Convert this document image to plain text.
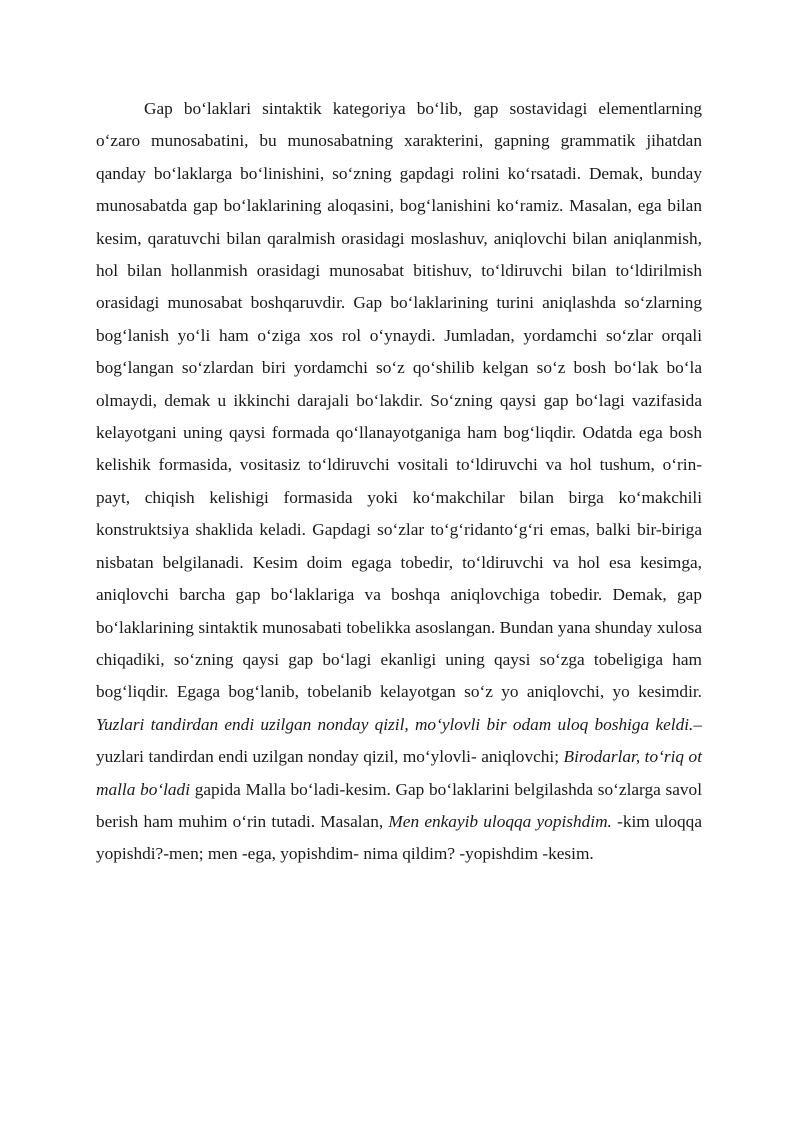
Gap bo‘laklari sintaktik kategoriya bo‘lib, gap sostavidagi elementlarning o‘zaro munosabatini, bu munosabatning xarakterini, gapning grammatik jihatdan qanday bo‘laklarga bo‘linishini, so‘zning gapdagi rolini ko‘rsatadi. Demak, bunday munosabatda gap bo‘laklarining aloqasini, bog‘lanishini ko‘ramiz. Masalan, ega bilan kesim, qaratuvchi bilan qaralmish orasidagi moslashuv, aniqlovchi bilan aniqlanmish, hol bilan hollanmish orasidagi munosabat bitishuv, to‘ldiruvchi bilan to‘ldirilmish orasidagi munosabat boshqaruvdir. Gap bo‘laklarining turini aniqlashda so‘zlarning bog‘lanish yo‘li ham o‘ziga xos rol o‘ynaydi. Jumladan, yordamchi so‘zlar orqali bog‘langan so‘zlardan biri yordamchi so‘z qo‘shilib kelgan so‘z bosh bo‘lak bo‘la olmaydi, demak u ikkinchi darajali bo‘lakdir. So‘zning qaysi gap bo‘lagi vazifasida kelayotgani uning qaysi formada qo‘llanayotganiga ham bog‘liqdir. Odatda ega bosh kelishik formasida, vositasiz to‘ldiruvchi vositali to‘ldiruvchi va hol tushum, o‘rin-payt, chiqish kelishigi formasida yoki ko‘makchilar bilan birga ko‘makchili konstruktsiya shaklida keladi. Gapdagi so‘zlar to‘g‘ridanto‘g‘ri emas, balki bir-biriga nisbatan belgilanadi. Kesim doim egaga tobedir, to‘ldiruvchi va hol esa kesimga, aniqlovchi barcha gap bo‘laklariga va boshqa aniqlovchiga tobedir. Demak, gap bo‘laklarining sintaktik munosabati tobelikka asoslangan. Bundan yana shunday xulosa chiqadiki, so‘zning qaysi gap bo‘lagi ekanligi uning qaysi so‘zga tobeligiga ham bog‘liqdir. Egaga bog‘lanib, tobelanib kelayotgan so‘z yo aniqlovchi, yo kesimdir. Yuzlari tandirdan endi uzilgan nonday qizil, mo‘ylovli bir odam uloq boshiga keldi.–yuzlari tandirdan endi uzilgan nonday qizil, mo‘ylovli- aniqlovchi; Birodarlar, to‘riq ot malla bo‘ladi gapida Malla bo‘ladi-kesim. Gap bo‘laklarini belgilashda so‘zlarga savol berish ham muhim o‘rin tutadi. Masalan, Men enkayib uloqqa yopishdim. -kim uloqqa yopishdi?-men; men -ega, yopishdim- nima qildim? -yopishdim -kesim.
